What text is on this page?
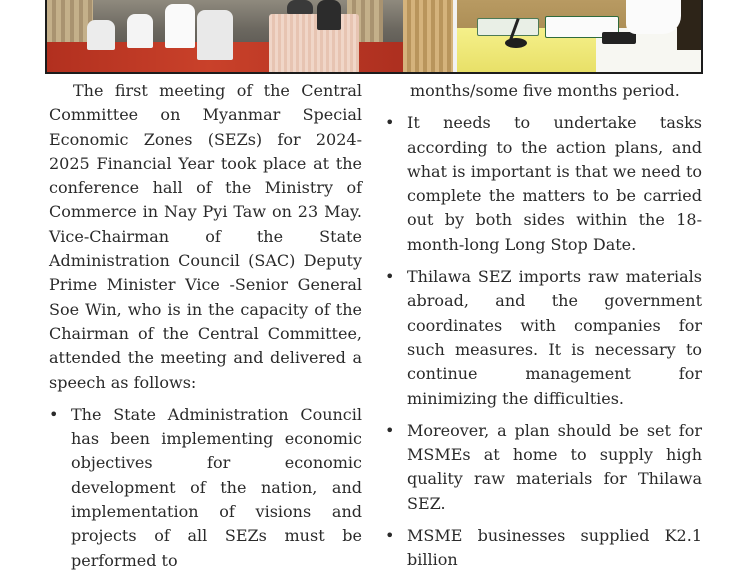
The first meeting of the Central Committee on Myanmar Special Economic Zones (SEZs) for 2024-2025 Financial Year took place at the conference hall of the Ministry of Commerce in Nay Pyi Taw on 23 May. Vice-Chairman of the State Administration Council (SAC) Deputy Prime Minister Vice -Senior General Soe Win, who is in the capacity of the Chairman of the Central Committee, attended the meeting and delivered a speech as follows:

• The State Administration Council has been implementing economic objectives for economic development of the nation, and implementation of visions and projects of all SEZs must be performed to

months/some five months period.

• It needs to undertake tasks according to the action plans, and what is important is that we need to complete the matters to be carried out by both sides within the 18-month-long Long Stop Date.
• Thilawa SEZ imports raw materials abroad, and the government coordinates with companies for such measures. It is necessary to continue management for minimizing the difficulties.
• Moreover, a plan should be set for MSMEs at home to supply high quality raw materials for Thilawa SEZ.
• MSME businesses supplied K2.1 billion
